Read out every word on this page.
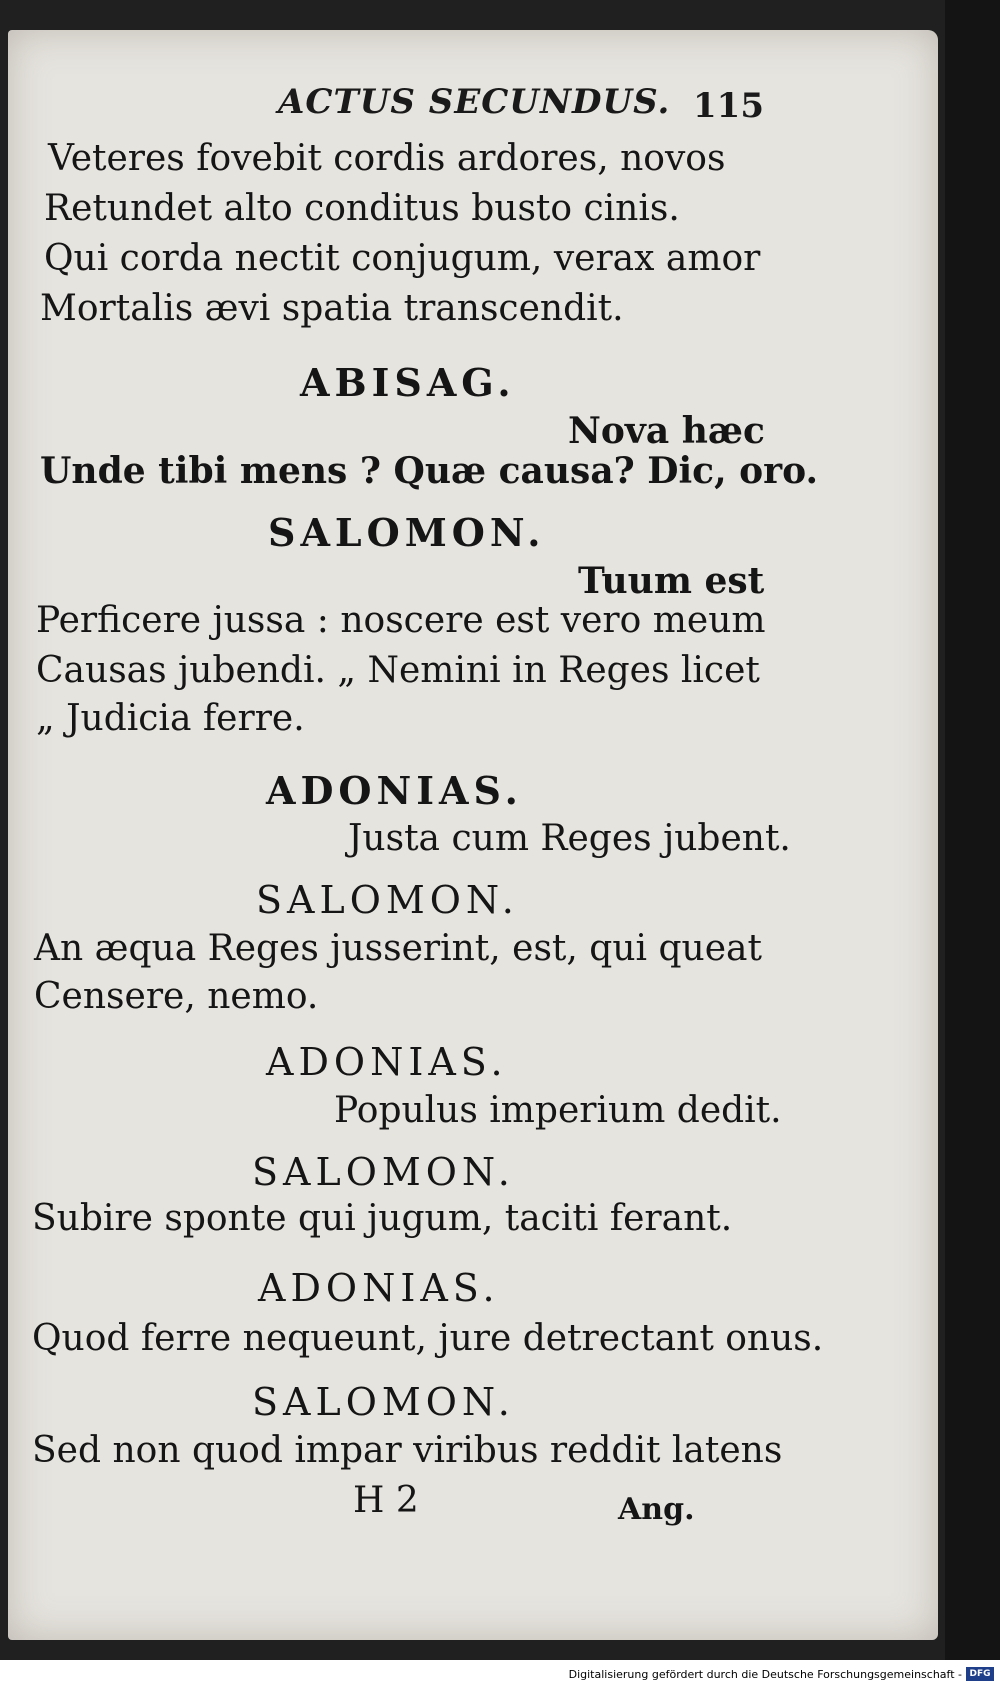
ACTUS SECUNDUS. 115
Veteres fovebit cordis ardores, novos
Retundet alto conditus busto cinis.
Qui corda nectit conjugum, verax amor
Mortalis ævi spatia transcendit.
ABISAG.
Nova hæc
Unde tibi mens ? Quæ causa? Dic, oro.
SALOMON.
Tuum est
Perficere jussa : noscere est vero meum
Causas jubendi. „ Nemini in Reges licet
„ Judicia ferre.
ADONIAS.
Justa cum Reges jubent.
SALOMON.
An æqua Reges jusserint, est, qui queat
Censere, nemo.
ADONIAS.
Populus imperium dedit.
SALOMON.
Subire sponte qui jugum, taciti ferant.
ADONIAS.
Quod ferre nequeunt, jure detrectant onus.
SALOMON.
Sed non quod impar viribus reddit latens
H 2	Ang.
Digitalisierung gefördert durch die Deutsche Forschungsgemeinschaft - DFG
